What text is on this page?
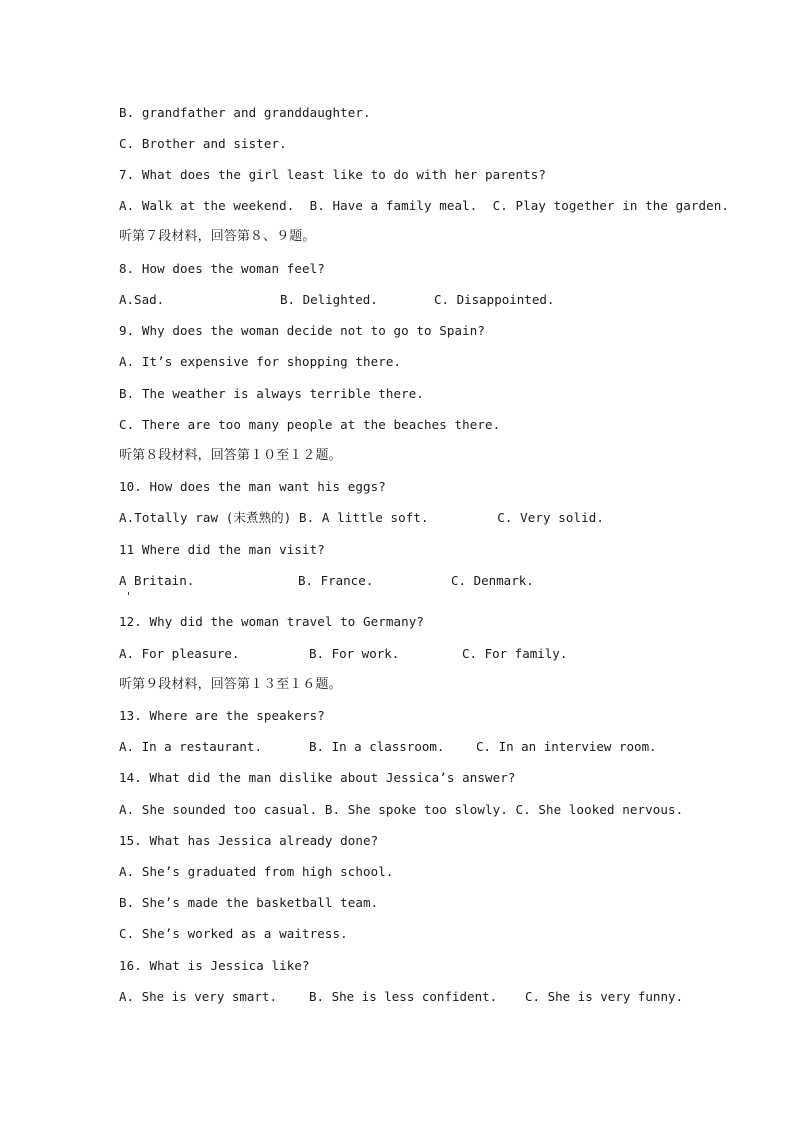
B. grandfather and granddaughter.
C. Brother and sister.
7. What does the girl least like to do with her parents?
A. Walk at the weekend.  B. Have a family meal.  C. Play together in the garden.
听第７段材料，回答第８、９题。
8. How does the woman feel?
A.Sad.	B. Delighted.	C. Disappointed.
9. Why does the woman decide not to go to Spain?
A. It’s expensive for shopping there.
B. The weather is always terrible there.
C. There are too many people at the beaches there.
听第８段材料，回答第１０至１２题。
10. How does the man want his eggs?
A.Totally raw (未煮熟的) B. A little soft.         C. Very solid.
11 Where did the man visit?
A Britain.	B. France.	C. Denmark.
12. Why did the woman travel to Germany?
A. For pleasure.	B. For work.	C. For family.
听第９段材料，回答第１３至１６题。
13. Where are the speakers?
A. In a restaurant.	B. In a classroom.	C. In an interview room.
14. What did the man dislike about Jessica’s answer?
A. She sounded too casual. B. She spoke too slowly. C. She looked nervous.
15. What has Jessica already done?
A. She’s graduated from high school.
B. She’s made the basketball team.
C. She’s worked as a waitress.
16. What is Jessica like?
A. She is very smart.	B. She is less confident. C. She is very funny.
